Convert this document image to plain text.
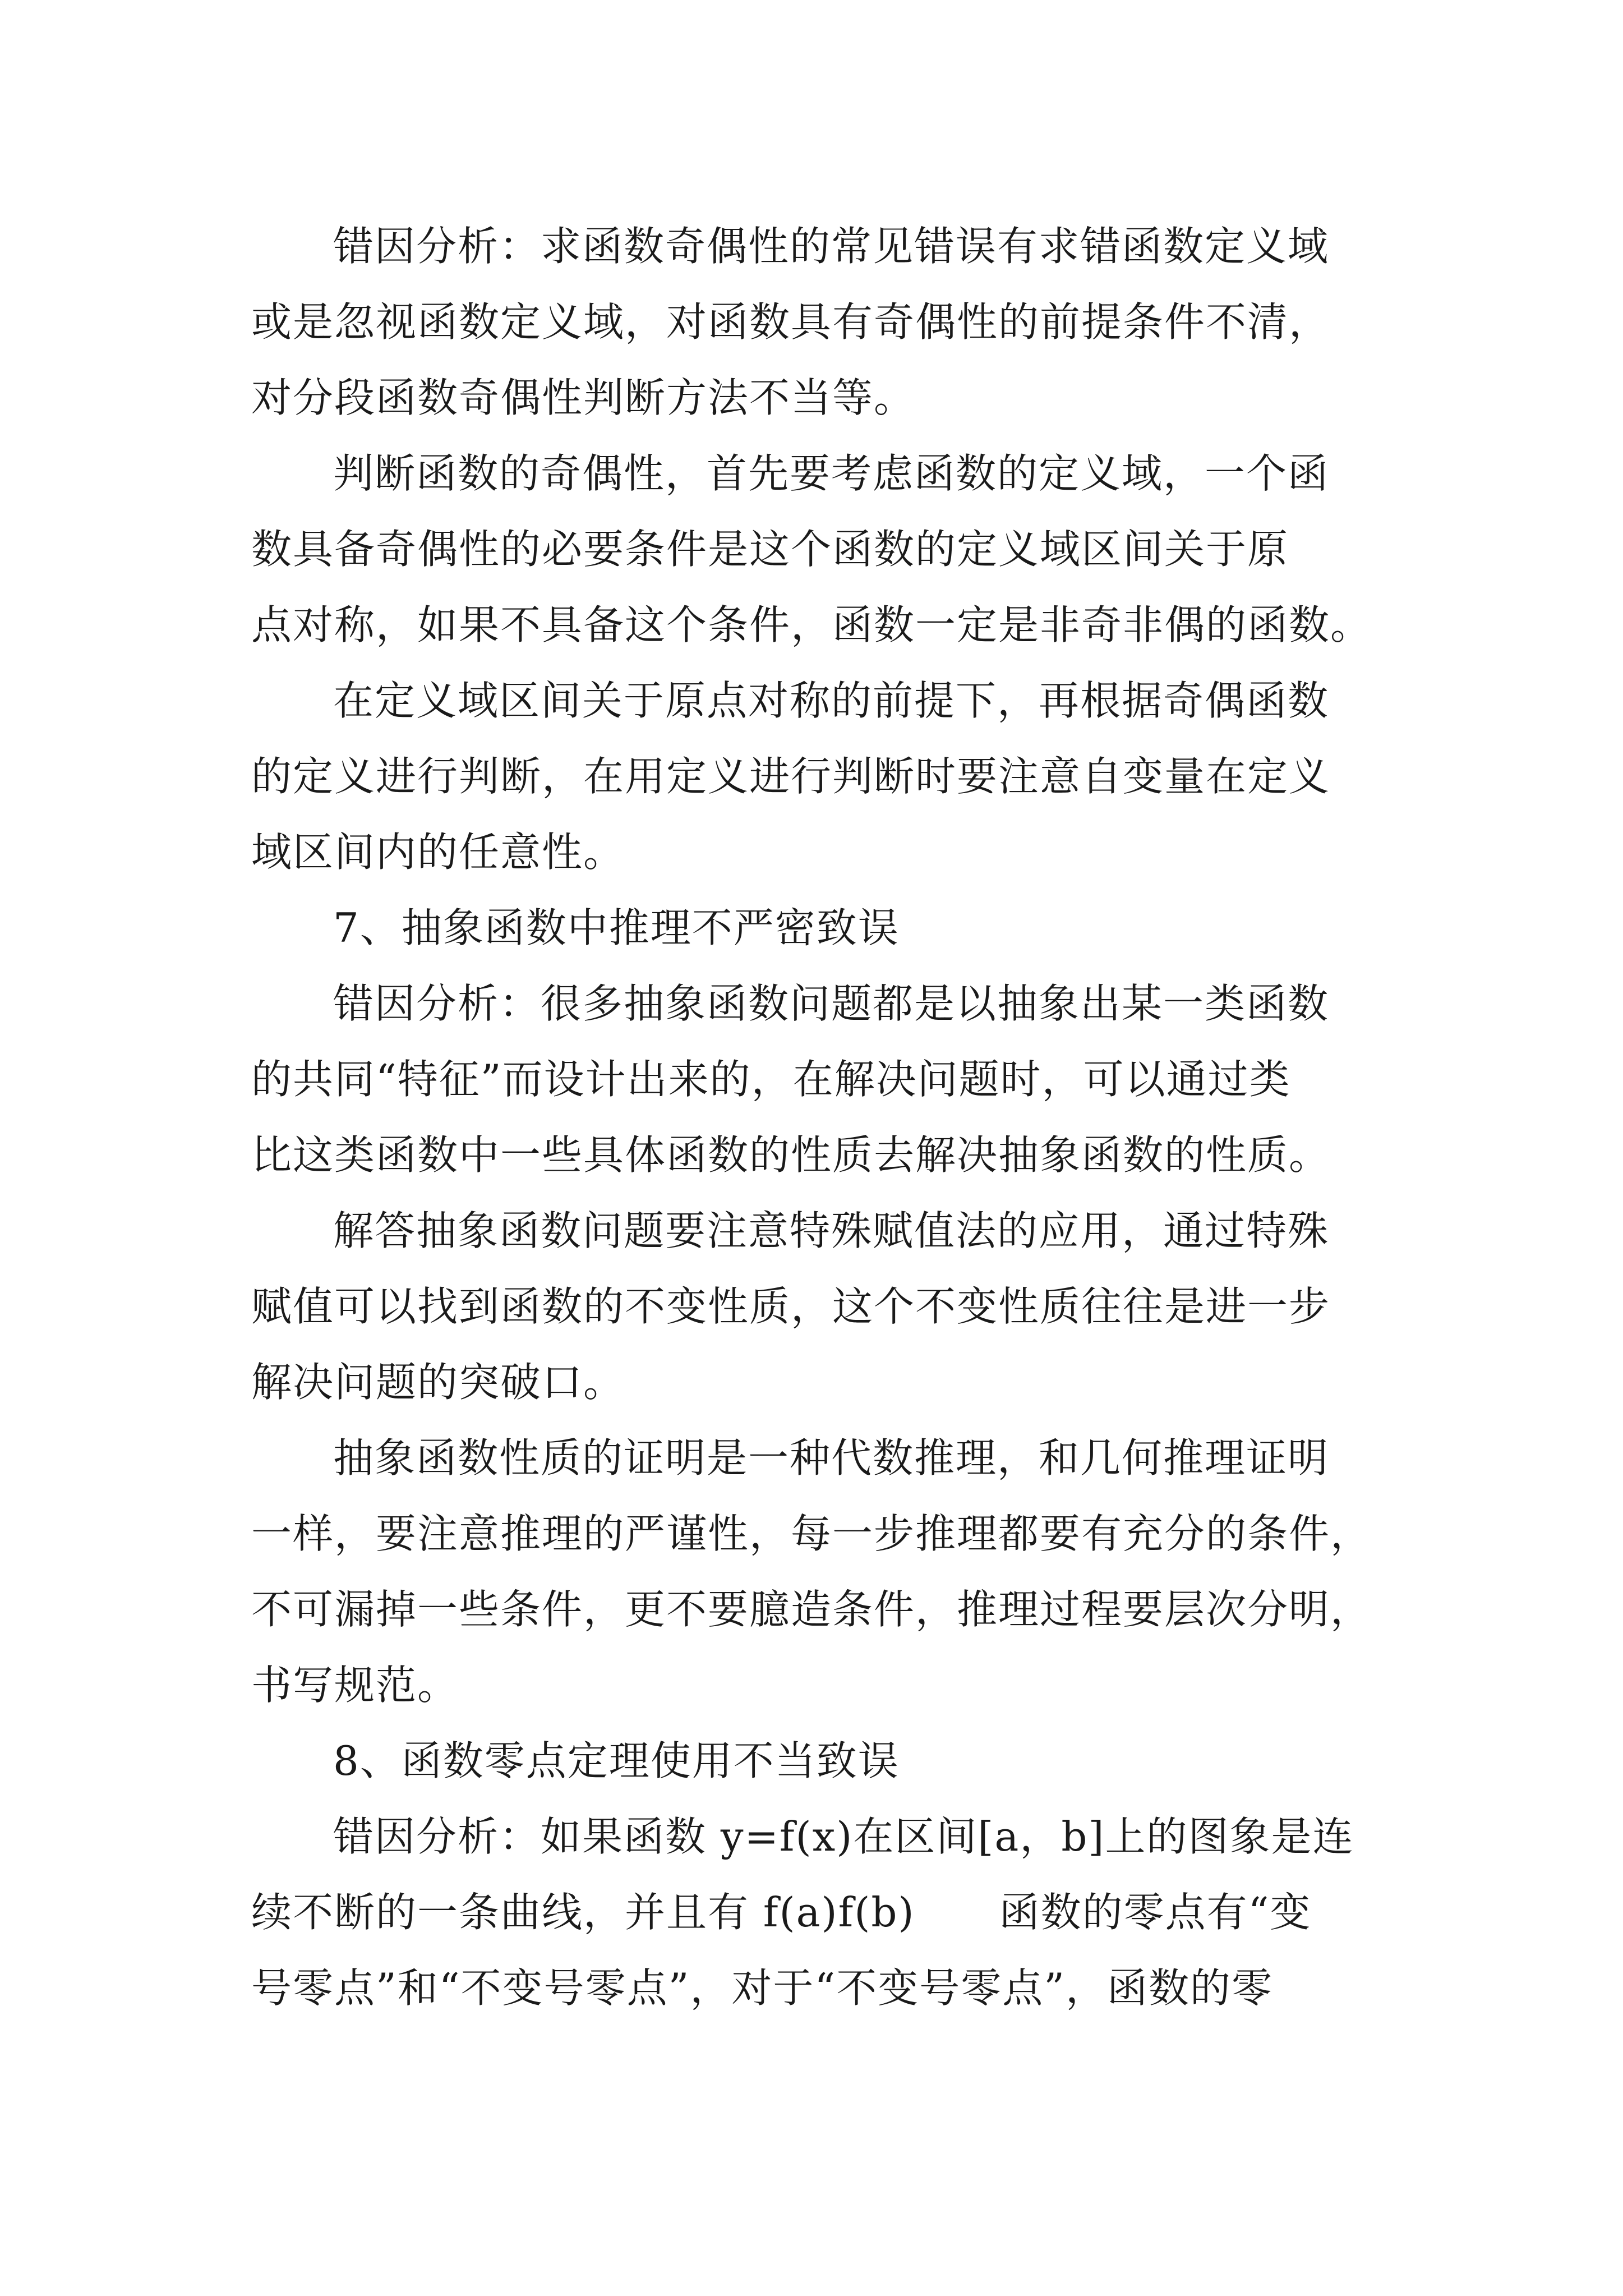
错因分析：求函数奇偶性的常见错误有求错函数定义域
或是忽视函数定义域，对函数具有奇偶性的前提条件不清，
对分段函数奇偶性判断方法不当等。
判断函数的奇偶性，首先要考虑函数的定义域，一个函
数具备奇偶性的必要条件是这个函数的定义域区间关于原
点对称，如果不具备这个条件，函数一定是非奇非偶的函数。
在定义域区间关于原点对称的前提下，再根据奇偶函数
的定义进行判断，在用定义进行判断时要注意自变量在定义
域区间内的任意性。
7、抽象函数中推理不严密致误
错因分析：很多抽象函数问题都是以抽象出某一类函数
的共同“特征”而设计出来的，在解决问题时，可以通过类
比这类函数中一些具体函数的性质去解决抽象函数的性质。
解答抽象函数问题要注意特殊赋值法的应用，通过特殊
赋值可以找到函数的不变性质，这个不变性质往往是进一步
解决问题的突破口。
抽象函数性质的证明是一种代数推理，和几何推理证明
一样，要注意推理的严谨性，每一步推理都要有充分的条件，
不可漏掉一些条件，更不要臆造条件，推理过程要层次分明，
书写规范。
8、函数零点定理使用不当致误
错因分析：如果函数 y=f(x)在区间[a，b]上的图象是连
续不断的一条曲线，并且有 f(a)f(b) 函数的零点有“变
号零点”和“不变号零点”，对于“不变号零点”，函数的零
